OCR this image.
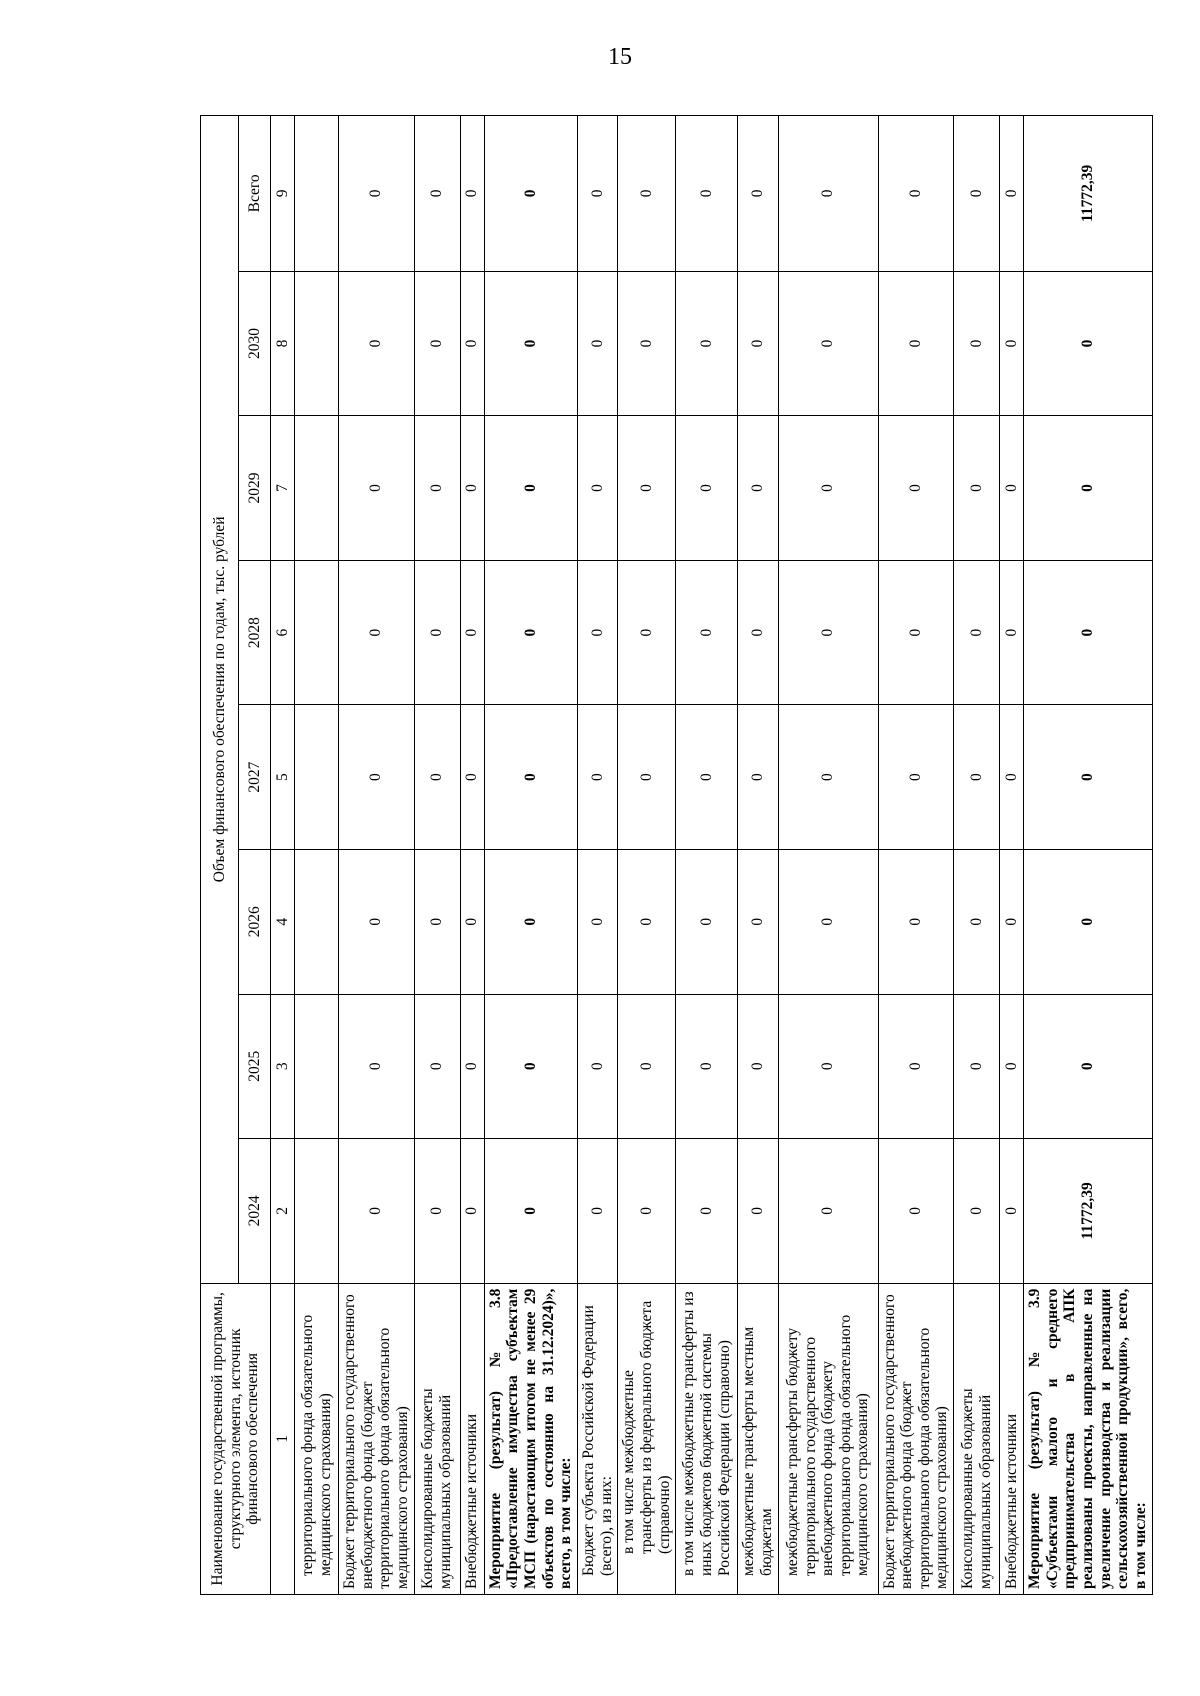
15
Наименование государственной программы, структурного элемента, источник финансового обеспечения	Объем финансового обеспечения по годам, тыс. рублей							
	2024	2025	2026	2027	2028	2029	2030	Всего
1	2	3	4	5	6	7	8	9
территориального фонда обязательного медицинского страхования)								
Бюджет территориального государственного внебюджетного фонда (бюджет территориального фонда обязательного медицинского страхования)	0	0	0	0	0	0	0	0
Консолидированные бюджеты муниципальных образований	0	0	0	0	0	0	0	0
Внебюджетные источники	0	0	0	0	0	0	0	0
Мероприятие (результат) № 3.8 «Предоставление имущества субъектам МСП (нарастающим итогом не менее 29 объектов по состоянию на 31.12.2024)», всего, в том числе:	0	0	0	0	0	0	0	0
Бюджет субъекта Российской Федерации (всего), из них:	0	0	0	0	0	0	0	0
в том числе межбюджетные трансферты из федерального бюджета (справочно)	0	0	0	0	0	0	0	0
в том числе межбюджетные трансферты из иных бюджетов бюджетной системы Российской Федерации (справочно)	0	0	0	0	0	0	0	0
межбюджетные трансферты местным бюджетам	0	0	0	0	0	0	0	0
межбюджетные трансферты бюджету территориального государственного внебюджетного фонда (бюджету территориального фонда обязательного медицинского страхования)	0	0	0	0	0	0	0	0
Бюджет территориального государственного внебюджетного фонда (бюджет территориального фонда обязательного медицинского страхования)	0	0	0	0	0	0	0	0
Консолидированные бюджеты муниципальных образований	0	0	0	0	0	0	0	0
Внебюджетные источники	0	0	0	0	0	0	0	0
Мероприятие (результат) № 3.9 «Субъектами малого и среднего предпринимательства в АПК реализованы проекты, направленные на увеличение производства и реализации сельскохозяйственной продукции», всего, в том числе:	11772,39	0	0	0	0	0	0	11772,39
